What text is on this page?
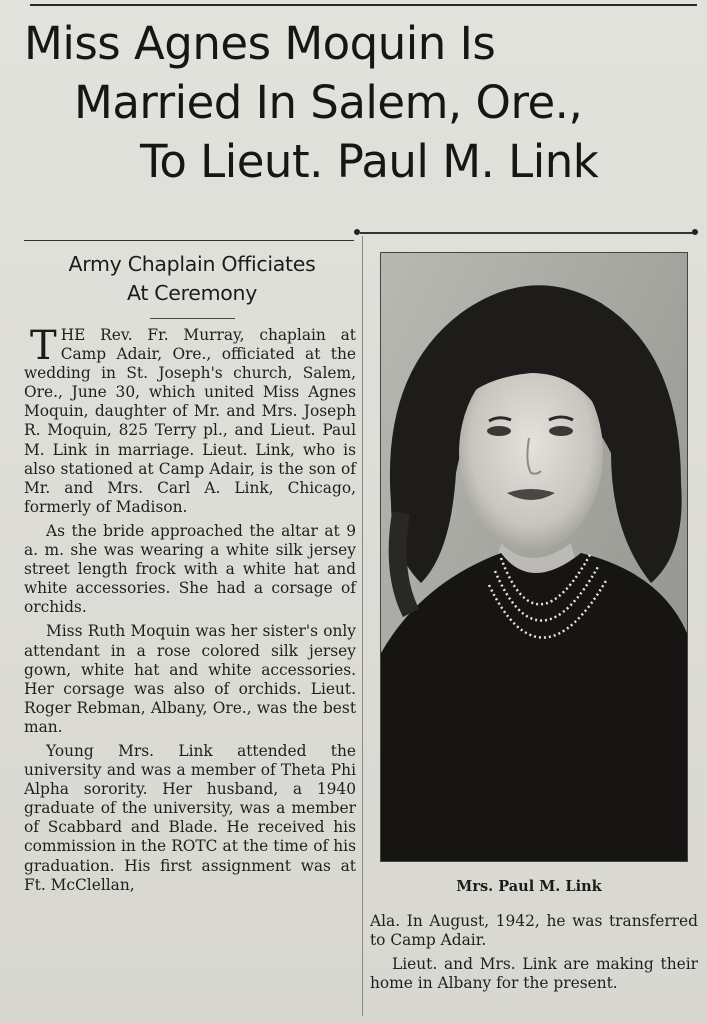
Miss Agnes Moquin Is
Married In Salem, Ore.,
To Lieut. Paul M. Link
Army Chaplain Officiates
At Ceremony

THE Rev. Fr. Murray, chaplain at Camp Adair, Ore., officiated at the wedding in St. Joseph's church, Salem, Ore., June 30, which united Miss Agnes Moquin, daughter of Mr. and Mrs. Joseph R. Moquin, 825 Terry pl., and Lieut. Paul M. Link in marriage. Lieut. Link, who is also stationed at Camp Adair, is the son of Mr. and Mrs. Carl A. Link, Chicago, formerly of Madison.

As the bride approached the altar at 9 a. m. she was wearing a white silk jersey street length frock with a white hat and white accessories. She had a corsage of orchids.

Miss Ruth Moquin was her sister's only attendant in a rose colored silk jersey gown, white hat and white accessories. Her corsage was also of orchids. Lieut. Roger Rebman, Albany, Ore., was the best man.

Young Mrs. Link attended the university and was a member of Theta Phi Alpha sorority. Her husband, a 1940 graduate of the university, was a member of Scabbard and Blade. He received his commission in the ROTC at the time of his graduation. His first assignment was at Ft. McClellan,	Mrs. Paul M. Link

Ala. In August, 1942, he was transferred to Camp Adair.

Lieut. and Mrs. Link are making their home in Albany for the present.
